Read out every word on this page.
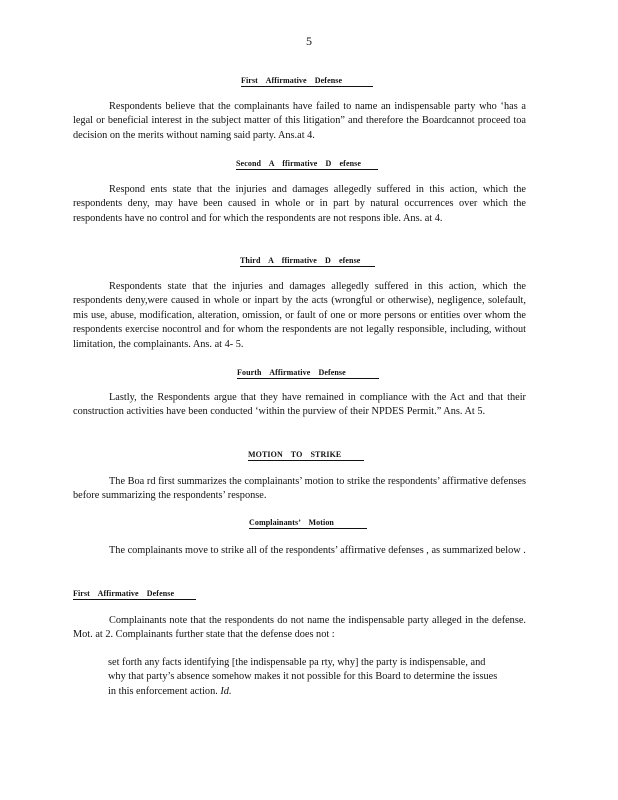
5
First Affirmative Defense
Respondents believe that the complainants have failed to name an indispensable party who ‘has a legal or beneficial interest in the subject matter of this litigation” and therefore the Boardcannot proceed toa decision on the merits without naming said party. Ans.at 4.
Second A ffirmative D efense
Respond ents state that the injuries and damages allegedly suffered in this action, which the respondents deny, may have been caused in whole or in part by natural occurrences over which the respondents have no control and for which the respondents are not respons ible. Ans. at 4.
Third A ffirmative D efense
Respondents state that the injuries and damages allegedly suffered in this action, which the respondents deny,were caused in whole or inpart by the acts (wrongful or otherwise), negligence, solefault, mis use, abuse, modification, alteration, omission, or fault of one or more persons or entities over whom the respondents exercise nocontrol and for whom the respondents are not legally responsible, including, without limitation, the complainants. Ans. at 4- 5.
Fourth Affirmative Defense
Lastly, the Respondents argue that they have remained in compliance with the Act and that their construction activities have been conducted ‘within the purview of their NPDES Permit.” Ans. At 5.
MOTION TO STRIKE
The Boa rd first summarizes the complainants’ motion to strike the respondents’ affirmative defenses before summarizing the respondents’ response.
Complainants’ Motion
The complainants move to strike all of the respondents’ affirmative defenses , as summarized below .
First Affirmative Defense
Complainants note that the respondents do not name the indispensable party alleged in the defense. Mot. at 2. Complainants further state that the defense does not :
set forth any facts identifying [the indispensable pa rty, why] the party is indispensable, and why that party’s absence somehow makes it not possible for this Board to determine the issues in this enforcement action. Id.
